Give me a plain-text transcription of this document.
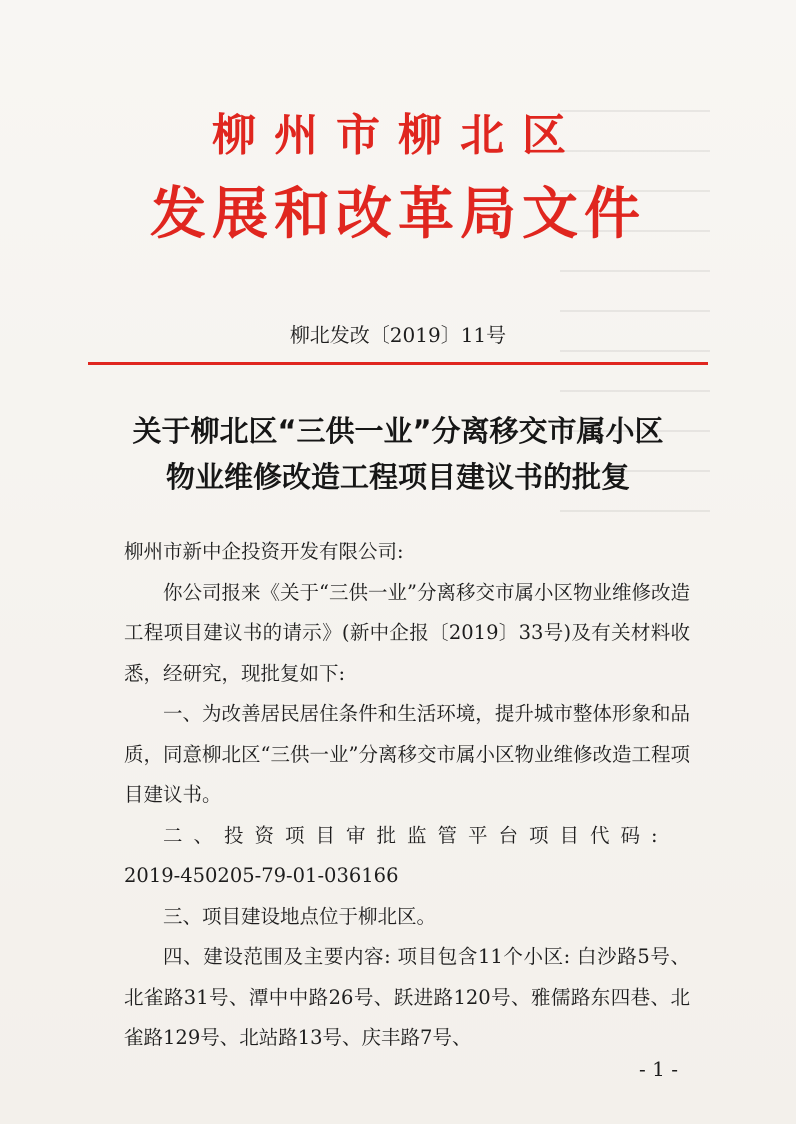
柳州市柳北区
发展和改革局文件
柳北发改〔2019〕11号
关于柳北区“三供一业”分离移交市属小区
物业维修改造工程项目建议书的批复

柳州市新中企投资开发有限公司:

你公司报来《关于“三供一业”分离移交市属小区物业维修改造工程项目建议书的请示》(新中企报〔2019〕33号)及有关材料收悉，经研究，现批复如下:

一、为改善居民居住条件和生活环境，提升城市整体形象和品质，同意柳北区“三供一业”分离移交市属小区物业维修改造工程项目建议书。

二、投资项目审批监管平台项目代码:

2019-450205-79-01-036166

三、项目建设地点位于柳北区。

四、建设范围及主要内容: 项目包含11个小区: 白沙路5号、北雀路31号、潭中中路26号、跃进路120号、雅儒路东四巷、北雀路129号、北站路13号、庆丰路7号、

- 1 -
